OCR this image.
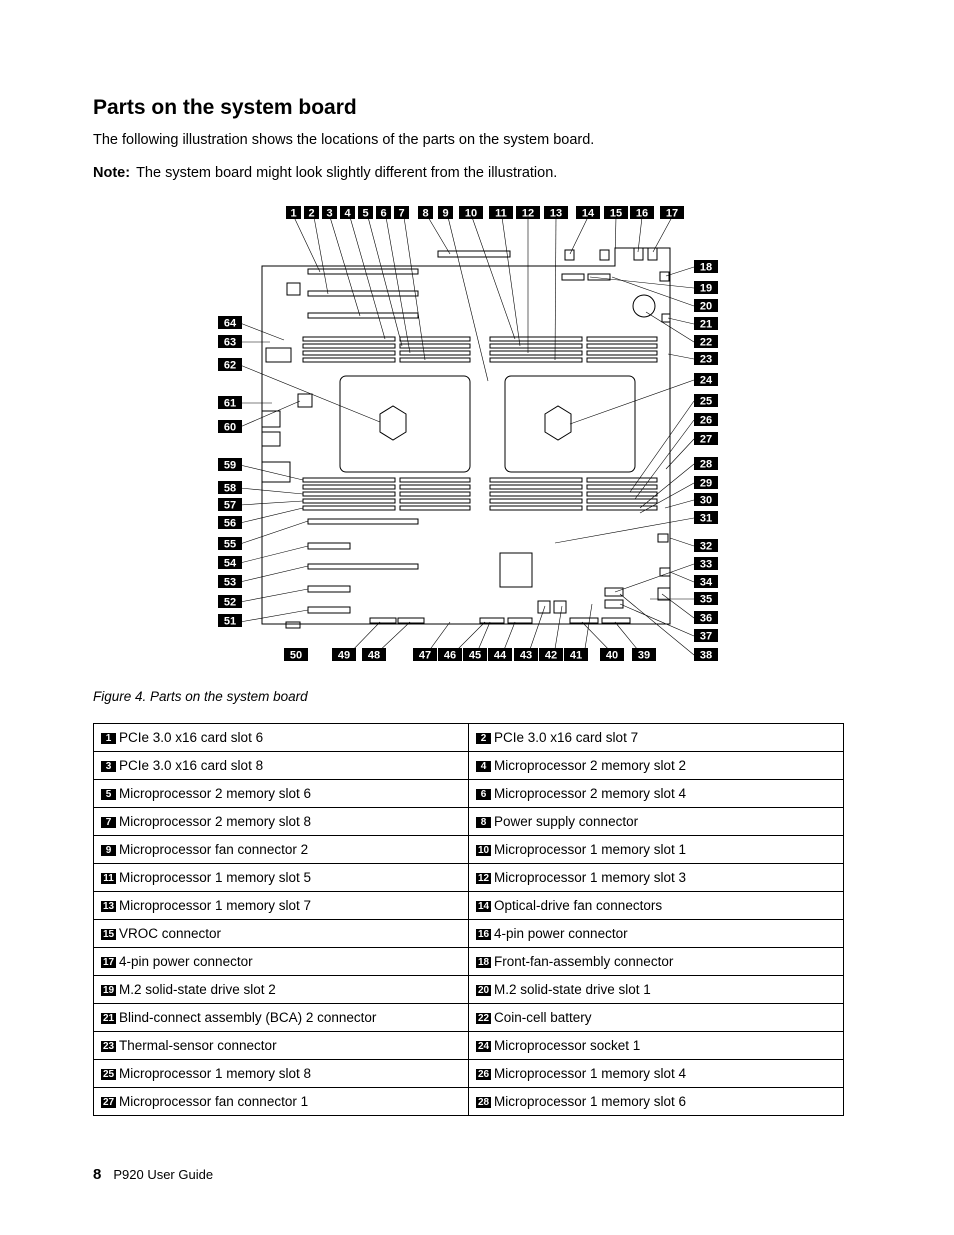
Parts on the system board

The following illustration shows the locations of the parts on the system board.

Note: The system board might look slightly different from the illustration.

1 2 3 4 5 6 7 8 9 10 11 12 13 14 15 16 17
18
19
20
21
22
23
24
25
26
27
28
29
30
31
32
33
34
35
36
37
38
39
40
41
42
43
44
45
46
47
48
49
50
51
52
53
54
55
56
57
58
59
60
61
62
63
64

Figure 4. Parts on the system board

1 PCIe 3.0 x16 card slot 6	2 PCIe 3.0 x16 card slot 7
3 PCIe 3.0 x16 card slot 8	4 Microprocessor 2 memory slot 2
5 Microprocessor 2 memory slot 6	6 Microprocessor 2 memory slot 4
7 Microprocessor 2 memory slot 8	8 Power supply connector
9 Microprocessor fan connector 2	10 Microprocessor 1 memory slot 1
11 Microprocessor 1 memory slot 5	12 Microprocessor 1 memory slot 3
13 Microprocessor 1 memory slot 7	14 Optical-drive fan connectors
15 VROC connector	16 4-pin power connector
17 4-pin power connector	18 Front-fan-assembly connector
19 M.2 solid-state drive slot 2	20 M.2 solid-state drive slot 1
21 Blind-connect assembly (BCA) 2 connector	22 Coin-cell battery
23 Thermal-sensor connector	24 Microprocessor socket 1
25 Microprocessor 1 memory slot 8	26 Microprocessor 1 memory slot 4
27 Microprocessor fan connector 1	28 Microprocessor 1 memory slot 6
8 P920 User Guide
